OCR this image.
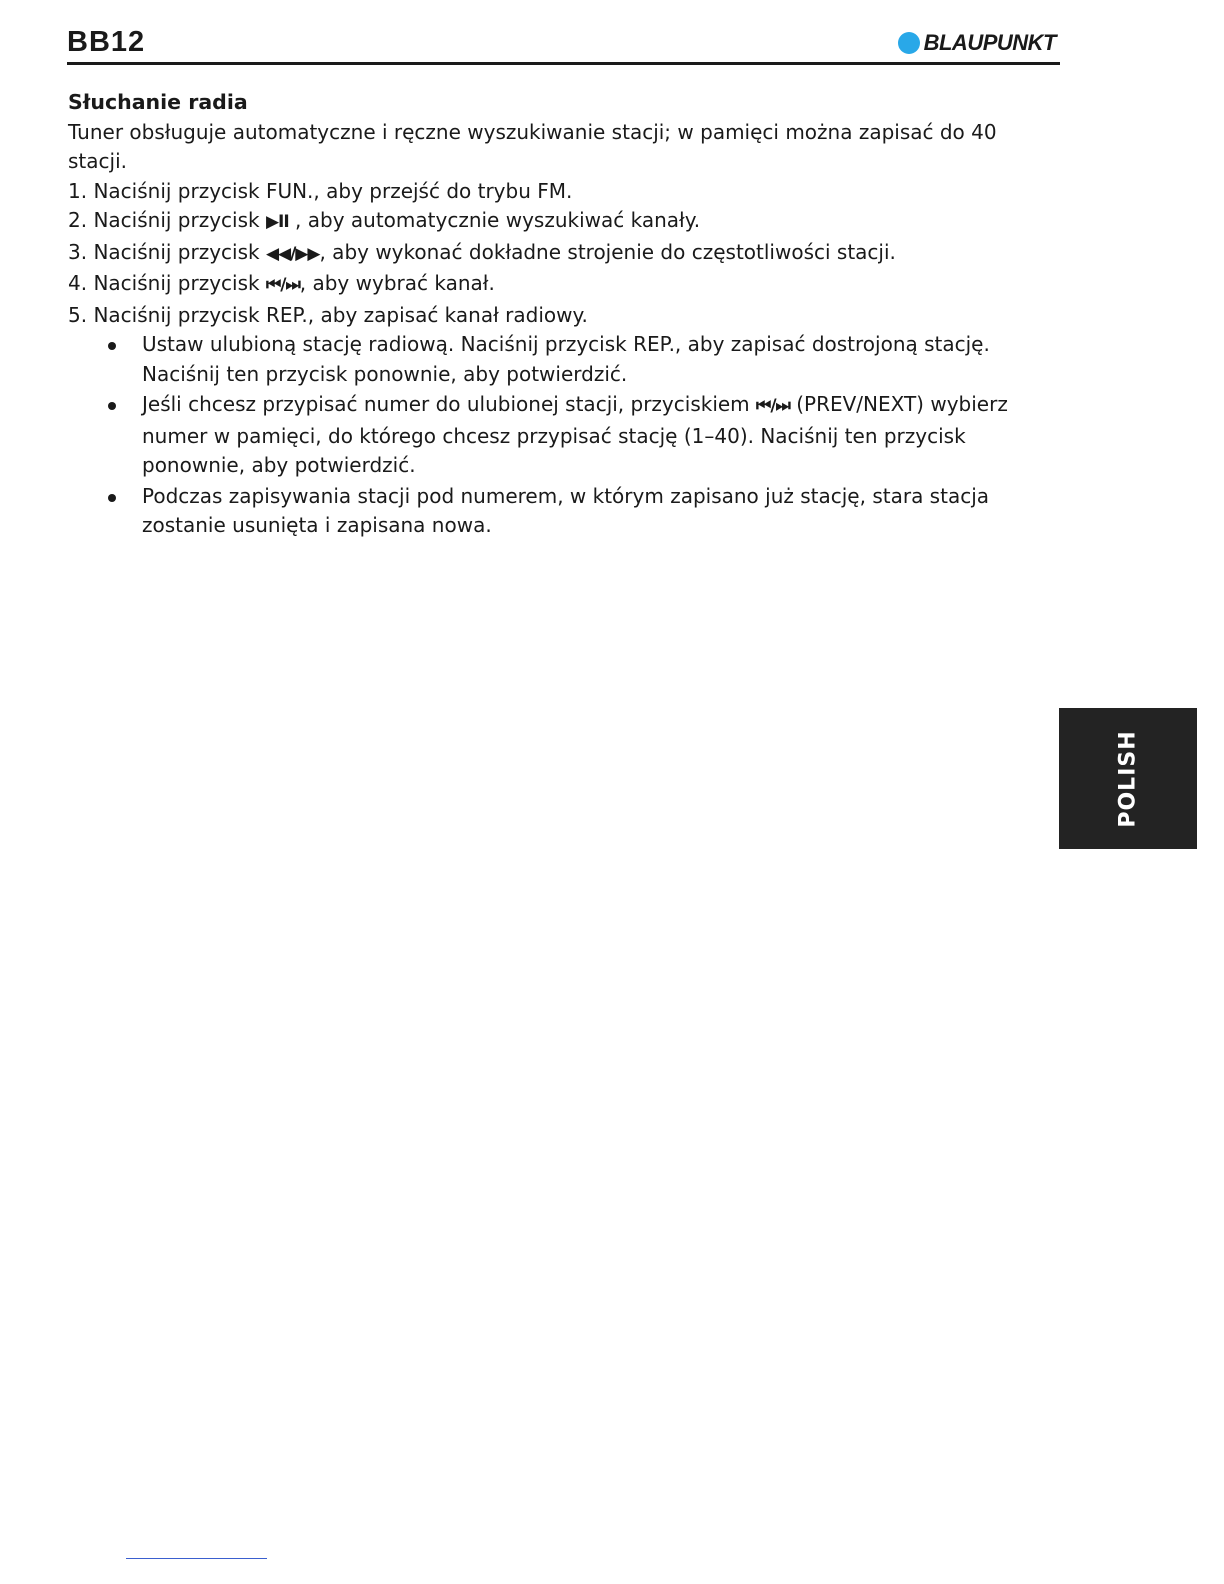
BB12	BLAUPUNKT

Słuchanie radia

Tuner obsługuje automatyczne i ręczne wyszukiwanie stacji; w pamięci można zapisać do 40 stacji.

1. Naciśnij przycisk FUN., aby przejść do trybu FM.
2. Naciśnij przycisk ▶II , aby automatycznie wyszukiwać kanały.
3. Naciśnij przycisk ◀◀/▶▶, aby wykonać dokładne strojenie do częstotliwości stacji.
4. Naciśnij przycisk ⏮/⏭, aby wybrać kanał.
5. Naciśnij przycisk REP., aby zapisać kanał radiowy.
Ustaw ulubioną stację radiową. Naciśnij przycisk REP., aby zapisać dostrojoną stację. Naciśnij ten przycisk ponownie, aby potwierdzić.
Jeśli chcesz przypisać numer do ulubionej stacji, przyciskiem ⏮/⏭ (PREV/NEXT) wybierz numer w pamięci, do którego chcesz przypisać stację (1–40). Naciśnij ten przycisk ponownie, aby potwierdzić.
Podczas zapisywania stacji pod numerem, w którym zapisano już stację, stara stacja zostanie usunięta i zapisana nowa.
POLISH
